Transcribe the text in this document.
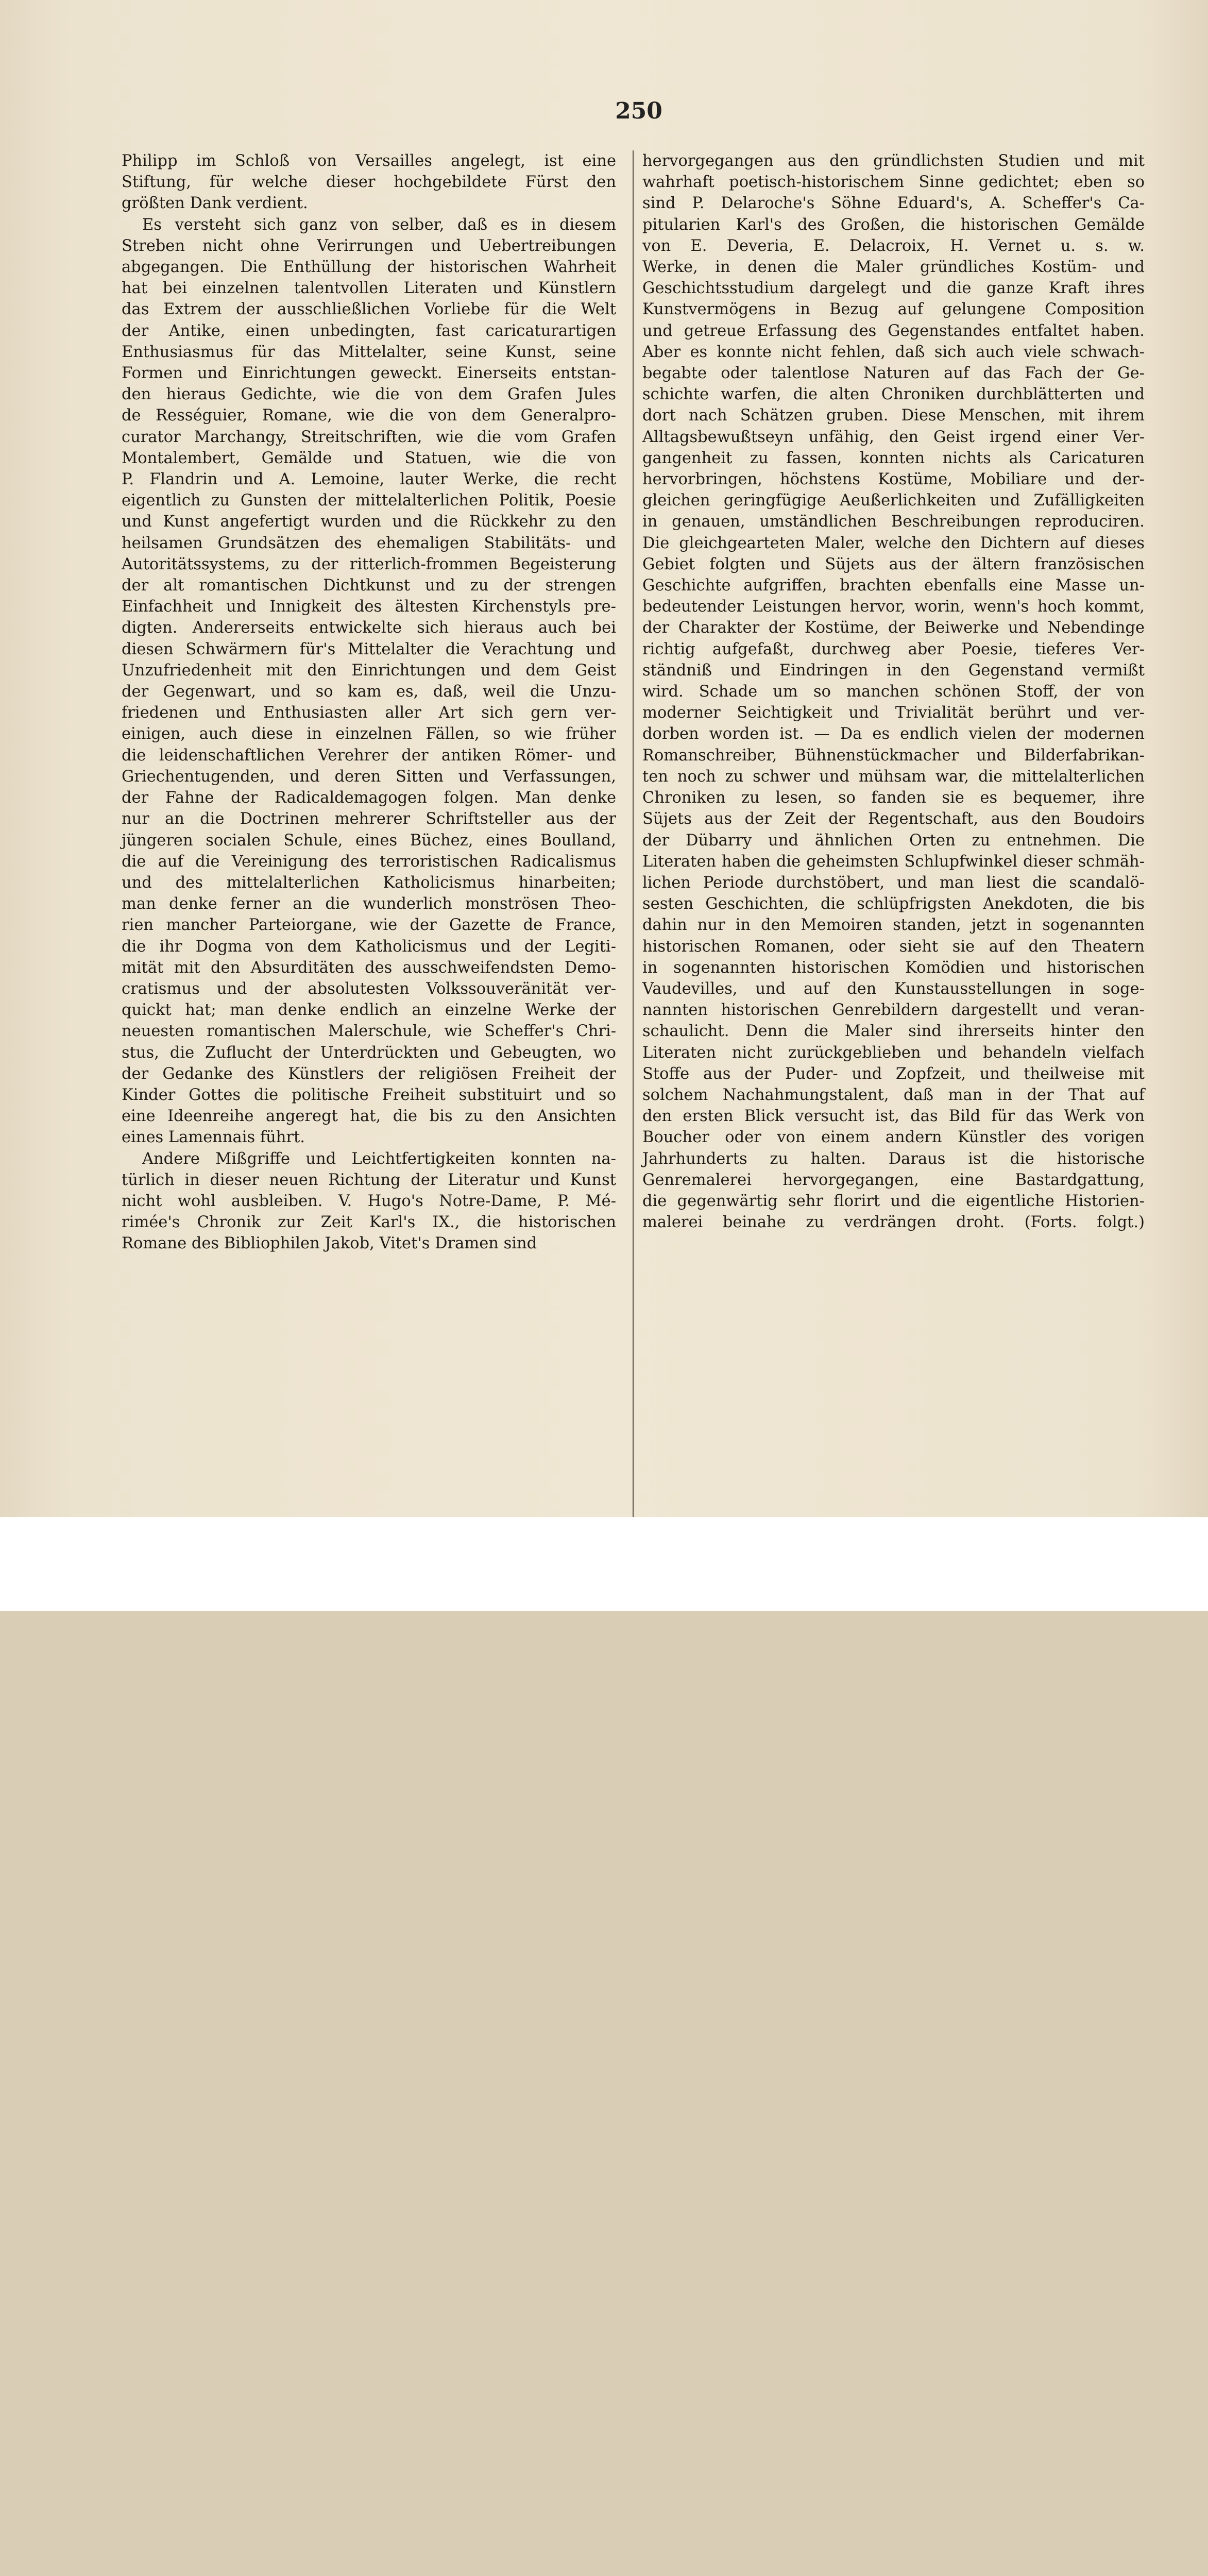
250
Philipp im Schloß von Versailles angelegt, ist eine
Stiftung, für welche dieser hochgebildete Fürst den
größten Dank verdient.
Es versteht sich ganz von selber, daß es in diesem
Streben nicht ohne Verirrungen und Uebertreibungen
abgegangen. Die Enthüllung der historischen Wahrheit
hat bei einzelnen talentvollen Literaten und Künstlern
das Extrem der ausschließlichen Vorliebe für die Welt
der Antike, einen unbedingten, fast caricaturartigen
Enthusiasmus für das Mittelalter, seine Kunst, seine
Formen und Einrichtungen geweckt. Einerseits entstan-
den hieraus Gedichte, wie die von dem Grafen Jules
de Rességuier, Romane, wie die von dem Generalpro-
curator Marchangy, Streitschriften, wie die vom Grafen
Montalembert, Gemälde und Statuen, wie die von
P. Flandrin und A. Lemoine, lauter Werke, die recht
eigentlich zu Gunsten der mittelalterlichen Politik, Poesie
und Kunst angefertigt wurden und die Rückkehr zu den
heilsamen Grundsätzen des ehemaligen Stabilitäts- und
Autoritätssystems, zu der ritterlich-frommen Begeisterung
der alt romantischen Dichtkunst und zu der strengen
Einfachheit und Innigkeit des ältesten Kirchenstyls pre-
digten. Andererseits entwickelte sich hieraus auch bei
diesen Schwärmern für's Mittelalter die Verachtung und
Unzufriedenheit mit den Einrichtungen und dem Geist
der Gegenwart, und so kam es, daß, weil die Unzu-
friedenen und Enthusiasten aller Art sich gern ver-
einigen, auch diese in einzelnen Fällen, so wie früher
die leidenschaftlichen Verehrer der antiken Römer- und
Griechentugenden, und deren Sitten und Verfassungen,
der Fahne der Radicaldemagogen folgen. Man denke
nur an die Doctrinen mehrerer Schriftsteller aus der
jüngeren socialen Schule, eines Büchez, eines Boulland,
die auf die Vereinigung des terroristischen Radicalismus
und des mittelalterlichen Katholicismus hinarbeiten;
man denke ferner an die wunderlich monströsen Theo-
rien mancher Parteiorgane, wie der Gazette de France,
die ihr Dogma von dem Katholicismus und der Legiti-
mität mit den Absurditäten des ausschweifendsten Demo-
cratismus und der absolutesten Volkssouveränität ver-
quickt hat; man denke endlich an einzelne Werke der
neuesten romantischen Malerschule, wie Scheffer's Chri-
stus, die Zuflucht der Unterdrückten und Gebeugten, wo
der Gedanke des Künstlers der religiösen Freiheit der
Kinder Gottes die politische Freiheit substituirt und so
eine Ideenreihe angeregt hat, die bis zu den Ansichten
eines Lamennais führt.
Andere Mißgriffe und Leichtfertigkeiten konnten na-
türlich in dieser neuen Richtung der Literatur und Kunst
nicht wohl ausbleiben. V. Hugo's Notre-Dame, P. Mé-
rimée's Chronik zur Zeit Karl's IX., die historischen
Romane des Bibliophilen Jakob, Vitet's Dramen sind
hervorgegangen aus den gründlichsten Studien und mit
wahrhaft poetisch-historischem Sinne gedichtet; eben so
sind P. Delaroche's Söhne Eduard's, A. Scheffer's Ca-
pitularien Karl's des Großen, die historischen Gemälde
von E. Deveria, E. Delacroix, H. Vernet u. s. w.
Werke, in denen die Maler gründliches Kostüm- und
Geschichtsstudium dargelegt und die ganze Kraft ihres
Kunstvermögens in Bezug auf gelungene Composition
und getreue Erfassung des Gegenstandes entfaltet haben.
Aber es konnte nicht fehlen, daß sich auch viele schwach-
begabte oder talentlose Naturen auf das Fach der Ge-
schichte warfen, die alten Chroniken durchblätterten und
dort nach Schätzen gruben. Diese Menschen, mit ihrem
Alltagsbewußtseyn unfähig, den Geist irgend einer Ver-
gangenheit zu fassen, konnten nichts als Caricaturen
hervorbringen, höchstens Kostüme, Mobiliare und der-
gleichen geringfügige Aeußerlichkeiten und Zufälligkeiten
in genauen, umständlichen Beschreibungen reproduciren.
Die gleichgearteten Maler, welche den Dichtern auf dieses
Gebiet folgten und Süjets aus der ältern französischen
Geschichte aufgriffen, brachten ebenfalls eine Masse un-
bedeutender Leistungen hervor, worin, wenn's hoch kommt,
der Charakter der Kostüme, der Beiwerke und Nebendinge
richtig aufgefaßt, durchweg aber Poesie, tieferes Ver-
ständniß und Eindringen in den Gegenstand vermißt
wird. Schade um so manchen schönen Stoff, der von
moderner Seichtigkeit und Trivialität berührt und ver-
dorben worden ist. — Da es endlich vielen der modernen
Romanschreiber, Bühnenstückmacher und Bilderfabrikan-
ten noch zu schwer und mühsam war, die mittelalterlichen
Chroniken zu lesen, so fanden sie es bequemer, ihre
Süjets aus der Zeit der Regentschaft, aus den Boudoirs
der Dübarry und ähnlichen Orten zu entnehmen. Die
Literaten haben die geheimsten Schlupfwinkel dieser schmäh-
lichen Periode durchstöbert, und man liest die scandalö-
sesten Geschichten, die schlüpfrigsten Anekdoten, die bis
dahin nur in den Memoiren standen, jetzt in sogenannten
historischen Romanen, oder sieht sie auf den Theatern
in sogenannten historischen Komödien und historischen
Vaudevilles, und auf den Kunstausstellungen in soge-
nannten historischen Genrebildern dargestellt und veran-
schaulicht. Denn die Maler sind ihrerseits hinter den
Literaten nicht zurückgeblieben und behandeln vielfach
Stoffe aus der Puder- und Zopfzeit, und theilweise mit
solchem Nachahmungstalent, daß man in der That auf
den ersten Blick versucht ist, das Bild für das Werk von
Boucher oder von einem andern Künstler des vorigen
Jahrhunderts zu halten. Daraus ist die historische
Genremalerei hervorgegangen, eine Bastardgattung,
die gegenwärtig sehr florirt und die eigentliche Historien-
malerei beinahe zu verdrängen droht. (Forts. folgt.)
